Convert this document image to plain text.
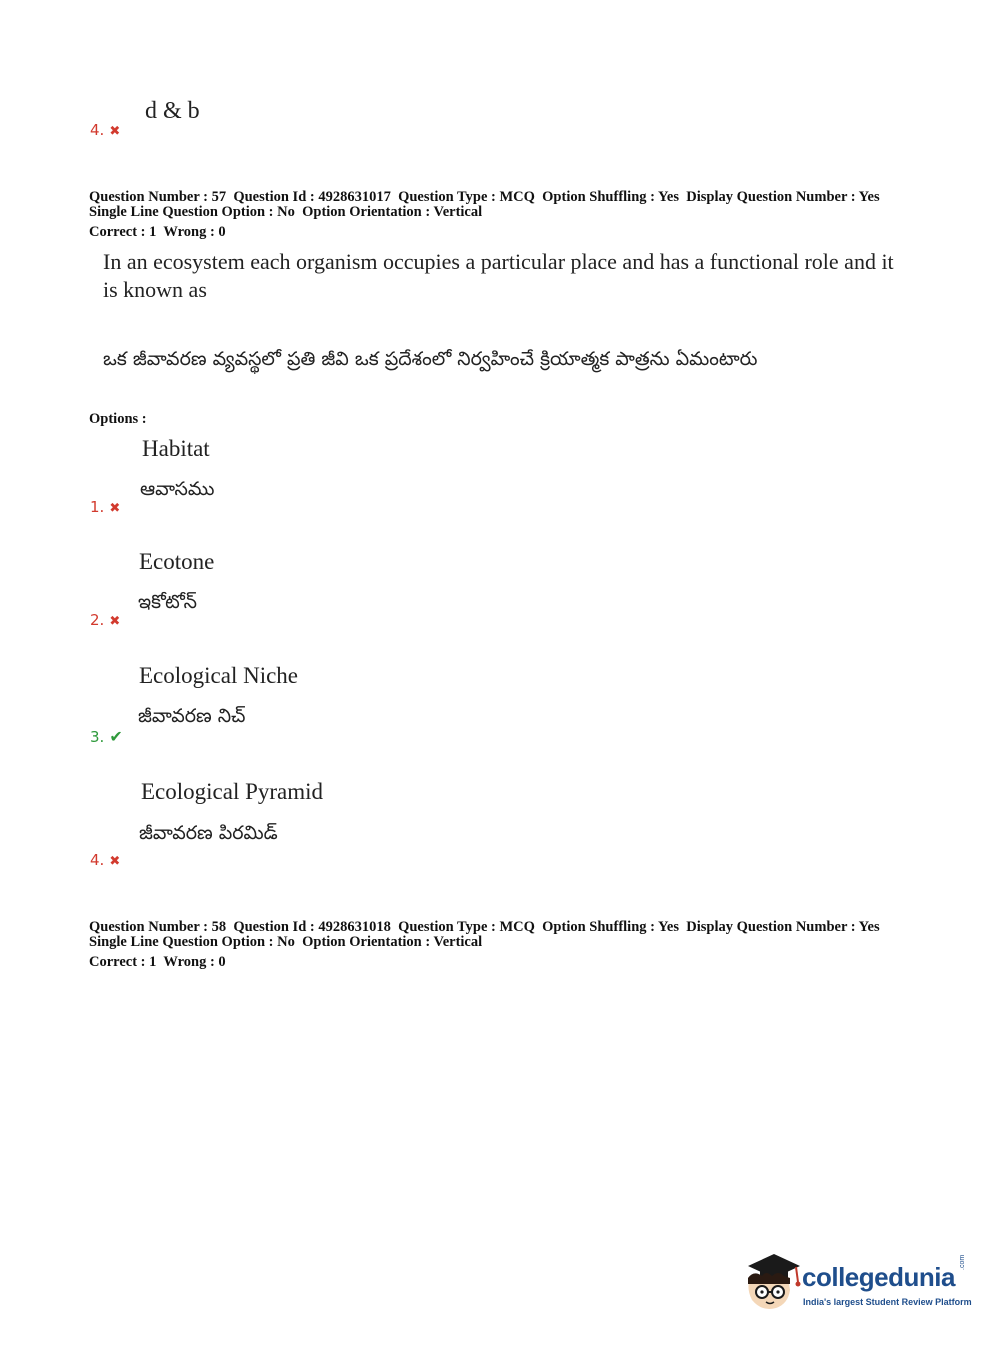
d & b
4. ✖
Question Number : 57  Question Id : 4928631017  Question Type : MCQ  Option Shuffling : Yes  Display Question Number : Yes
Single Line Question Option : No  Option Orientation : Vertical
Correct : 1  Wrong : 0
In an ecosystem each organism occupies a particular place and has a functional role and it
is known as
ఒక జీవావరణ వ్యవస్థలో ప్రతి జీవి ఒక ప్రదేశంలో నిర్వహించే క్రియాత్మక పాత్రను ఏమంటారు
Options :
Habitat
ఆవాసము
1. ✖
Ecotone
ఇకోటోన్
2. ✖
Ecological Niche
జీవావరణ నిచ్
3. ✔
Ecological Pyramid
జీవావరణ పిరమిడ్
4. ✖
Question Number : 58  Question Id : 4928631018  Question Type : MCQ  Option Shuffling : Yes  Display Question Number : Yes
Single Line Question Option : No  Option Orientation : Vertical
Correct : 1  Wrong : 0
collegedunia .com
India's largest Student Review Platform
